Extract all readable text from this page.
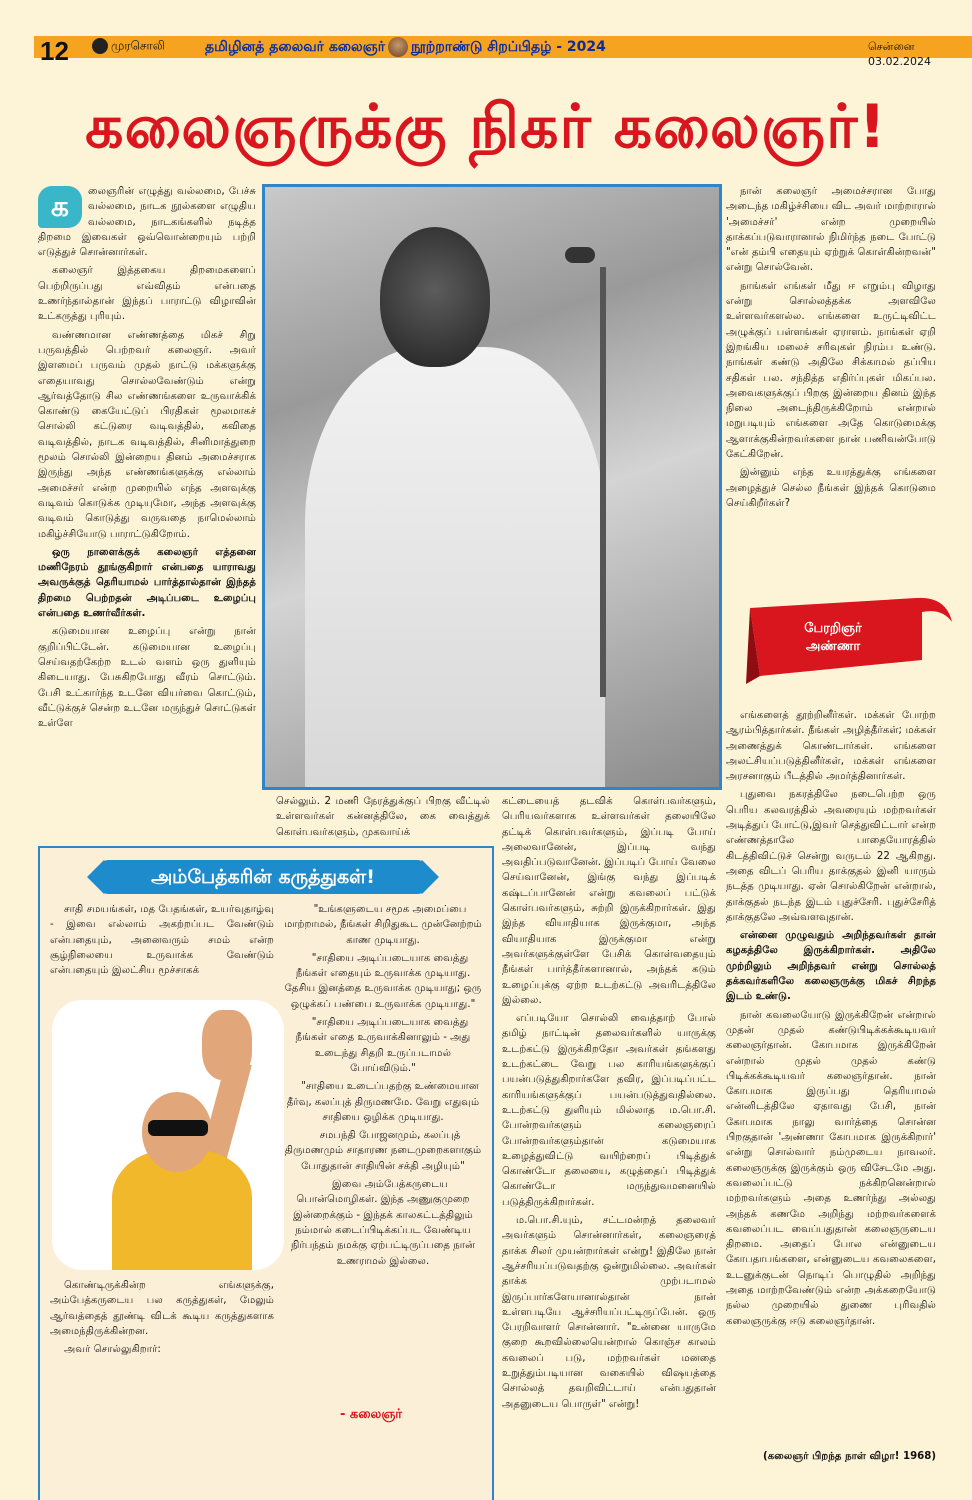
12	முரசொலி	தமிழினத் தலைவர் கலைஞர் நூற்றாண்டு சிறப்பிதழ் - 2024	சென்னை 03.02.2024
கலைஞருக்கு நிகர் கலைஞர்!
க	லைஞரின் எழுத்து வல்லமை, பேச்சு வல்லமை, நாடக நூல்களை எழுதிய வல்லமை, நாடகங்களில் நடித்த திறமை இவைகள் ஒவ்வொன்றையும் பற்றி எடுத்துச் சொன்னார்கள்.

கலைஞர் இத்தகைய திறமைகளைப் பெற்றிருப்பது எவ்விதம் என்பதை உணர்ந்தால்தான் இந்தப் பாராட்டு விழாவின் உட்கருத்து புரியும்.

வண்ணமான எண்ணத்தை மிகச் சிறு பருவத்தில் பெற்றவர் கலைஞர். அவர் இளமைப் பருவம் முதல் நாட்டு மக்களுக்கு எதையாவது சொல்லவேண்டும் என்று ஆர்வத்தோடு சில எண்ணங்களை உருவாக்கிக் கொண்டு கையேட்டுப் பிரதிகள் மூலமாகச் சொல்லி கட்டுரை வடிவத்தில், கவிதை வடிவத்தில், நாடக வடிவத்தில், சினிமாத்துறை மூலம் சொல்லி இன்றைய தினம் அமைச்சராக இருந்து அந்த எண்ணங்களுக்கு எல்லாம் அமைச்சர் என்ற முறையில் எந்த அளவுக்கு வடிவம் கொடுக்க முடியுமோ, அந்த அளவுக்கு வடிவம் கொடுத்து வருவதை நாமெல்லாம் மகிழ்ச்சியோடு பாராட்டுகிறோம்.

ஒரு நாளைக்குக் கலைஞர் எத்தனை மணிநேரம் தூங்குகிறார் என்பதை யாராவது அவருக்குத் தெரியாமல் பார்த்தால்தான் இந்தத் திறமை பெற்றதன் அடிப்படை உழைப்பு என்பதை உணர்வீர்கள்.

கடுமையான உழைப்பு என்று நான் குறிப்பிட்டேன். கடுமையான உழைப்பு செய்வதற்கேற்ற உடல் வளம் ஒரு துளியும் கிடையாது. பேசுகிறபோது வீரம் சொட்டும். பேசி உட்கார்ந்த உடனே வியர்வை கொட்டும், வீட்டுக்குச் சென்ற உடனே மருந்துச் சொட்டுகள் உள்ளே

செல்லும். 2 மணி நேரத்துக்குப் பிறகு வீட்டில் உள்ளவர்கள் கன்னத்திலே, கை வைத்துக் கொள்பவர்களும், முகவாய்க்

கட்டையைத் தடவிக் கொள்பவர்களும், பெரியவர்களாக உள்ளவர்கள் தலையிலே தட்டிக் கொள்பவர்களும், இப்படி போய் அலைவானேன், இப்படி வந்து அவதிப்படுவானேன். இப்படிப் போய் வேலை செய்வானேன், இங்கு வந்து இப்படிக் கஷ்டப்பானேன் என்று கவலைப் பட்டுக் கொள்பவர்களும், சுற்றி இருக்கிறார்கள். இது இந்த வியாதியாக இருக்குமா, அந்த வியாதியாக இருக்குமா என்று அவர்களுக்குள்ளே பேசிக் கொள்வதையும் நீங்கள் பார்த்தீர்களானால், அந்தக் கடும் உழைப்புக்கு ஏற்ற உடற்கட்டு அவரிடத்திலே இல்லை.

எப்படியோ சொல்லி வைத்தாற் போல் தமிழ் நாட்டின் தலைவர்களில் யாருக்கு உடற்கட்டு இருக்கிறதோ அவர்கள் தங்களது உடற்கட்டை வேறு பல காரியங்களுக்குப் பயன்படுத்துகிறார்களே தவிர, இப்படிப்பட்ட காரியங்களுக்குப் பயன்படுத்துவதில்லை. உடற்கட்டு துளியும் மில்லாத ம.பொ.சி. போன்றவர்களும் கலைஞரைப் போன்றவர்களும்தான் கடுமையாக உழைத்துவிட்டு வயிற்றைப் பிடித்துக் கொண்டோ தலையை, கழுத்தைப் பிடித்துக் கொண்டோ மருந்துவமனையில் படுத்திருக்கிறார்கள்.

ம.பொ.சி.யும், சட்டமன்றத் தலைவர் அவர்களும் சொன்னார்கள், கலைஞரைத் தாக்க சிலர் முயன்றார்கள் என்று! இதிலே நான் ஆச்சரியப்படுவதற்கு ஒன்றுமில்லை. அவர்கள் தாக்க முற்படாமல் இருப்பார்களேயானால்தான் நான் உள்ளபடியே ஆச்சரியப்பட்டிருப்பேன். ஒரு பேரறிவாளர் சொன்னார். "உன்னை யாருமே குறை கூறவில்லையென்றால் கொஞ்ச காலம் கவலைப் படு, மற்றவர்கள் மனதை உறுத்தும்படியான வகையில் விஷயத்தை சொல்லத் தவறிவிட்டாய் என்பதுதான் அதனுடைய பொருள்" என்று!

நான் கலைஞர் அமைச்சரான போது அடைந்த மகிழ்ச்சியை விட அவர் மாற்றாரால் 'அமைச்சர்' என்ற முறையில் தாக்கப்படுவாரானால் நிமிர்ந்த நடை போட்டு "என் தம்பி எதையும் ஏற்றுக் கொள்கின்றவன்" என்று சொல்வேன்.

நாங்கள் எங்கள் மீது ஈ எறும்பு விழாது என்று சொல்லத்தக்க அளவிலே உள்ளவர்களல்ல. எங்களை உருட்டிவிட்ட அழுக்குப் பள்ளங்கள் ஏராளம். நாங்கள் ஏறி இறங்கிய மலைச் சரிவுகள் நிரம்ப உண்டு. நாங்கள் கண்டு அதிலே சிக்காமல் தப்பிய சதிகள் பல. சந்தித்த எதிர்ப்புகள் மிகப்பல. அவைகளுக்குப் பிறகு இன்றைய தினம் இந்த நிலை அடைந்திருக்கிறோம் என்றால் மறுபடியும் எங்களை அதே கொடுமைக்கு ஆளாக்குகின்றவர்களை நான் பணிவன்போடு கேட்கிறேன்.

இன்னும் எந்த உயரத்துக்கு எங்களை அழைத்துச் செல்ல நீங்கள் இந்தக் கொடுமை செய்கிறீர்கள்?

பேரறிஞர்
அண்ணா

எங்களைத் தூற்றினீர்கள். மக்கள் போற்ற ஆரம்பித்தார்கள். நீங்கள் அழித்தீர்கள்; மக்கள் அணைத்துக் கொண்டார்கள். எங்களை அலட்சியப்படுத்தினீர்கள், மக்கள் எங்களை அரசனாகும் பீடத்தில் அமர்த்தினார்கள்.

புதுவை நகரத்திலே நடைபெற்ற ஒரு பெரிய கலவரத்தில் அவரையும் மற்றவர்கள் அடித்துப் போட்டு,இவர் செத்துவிட்டார் என்ற எண்ணத்தாலே பாதையோரத்தில் கிடத்திவிட்டுச் சென்று வருடம் 22 ஆகிறது. அதை விடப் பெரிய தாக்குதல் இனி யாரும் நடத்த முடியாது. ஏன் சொல்கிறேன் என்றால், தாக்குதல் நடந்த இடம் புதுச்சேரி. புதுச்சேரித் தாக்குதலே அவ்வளவுதான்.

என்னை முழுவதும் அறிந்தவர்கள் தான் கழகத்திலே இருக்கிறார்கள். அதிலே முற்றிலும் அறிந்தவர் என்று சொல்லத் தக்கவர்களிலே கலைஞருக்கு மிகச் சிறந்த இடம் உண்டு.

நான் கவலையோடு இருக்கிறேன் என்றால் முதன் முதல் கண்டுபிடிக்கக்கூடியவர் கலைஞர்தான். கோபமாக இருக்கிறேன் என்றால் முதல் முதல் கண்டு பிடிக்கக்கூடியவர் கலைஞர்தான். நான் கோபமாக இருப்பது தெரியாமல் என்னிடத்திலே ஏதாவது பேசி, நான் கோபமாக நாலு வார்த்தை சொன்ன பிறகுதான் 'அண்ணா கோபமாக இருக்கிறார்' என்று சொல்வார் நம்முடைய நாவலர். கலைஞருக்கு இருக்கும் ஒரு விசேடமே அது. கவலைப்பட்டு நக்கிறனென்றால் மற்றவர்களும் அதை உணர்ந்து அல்லது அந்தக் கணமே அறிந்து மற்றவர்களைக் கவலைப்பட வைப்பதுதான் கலைஞருடைய திறமை. அதைப் போல என்னுடைய கோபதாபங்களை, என்னுடைய கவலைகளை, உடனுக்குடன் நொடிப் பொழுதில் அறிந்து அதை மாற்றவேண்டும் என்ற அக்கறையோடு நல்ல முறையில் துணை புரிவதில் கலைஞருக்கு ஈடு கலைஞர்தான்.

(கலைஞர் பிறந்த நாள் விழா! 1968)
அம்பேத்கரின் கருத்துகள்!

சாதி சமயங்கள், மத பேதங்கள், உயர்வுதாழ்வு - இவை எல்லாம் அகற்றப்பட வேண்டும் என்பதையும், அனைவரும் சமம் என்ற சூழ்நிலையை உருவாக்க வேண்டும் என்பதையும் இலட்சிய மூச்சாகக்

கொண்டிருக்கின்ற எங்களுக்கு, அம்பேத்கருடைய பல கருத்துகள், மேலும் ஆர்வத்தைத் தூண்டி விடக் கூடிய கருத்துகளாக அமைந்திருக்கின்றன.

அவர் சொல்லுகிறார்:

"உங்களுடைய சமூக அமைப்பை மாற்றாமல், நீங்கள் சிறிதுகூட முன்னேற்றம் காண முடியாது.

"சாதியை அடிப்படையாக வைத்து நீங்கள் எதையும் உருவாக்க முடியாது. தேசிய இனத்தை உருவாக்க முடியாது; ஒரு ஒழுக்கப் பண்பை உருவாக்க முடியாது."

"சாதியை அடிப்படையாக வைத்து நீங்கள் எதை உருவாக்கினாலும் - அது உடைந்து சிதறி உருப்படாமல் போய்விடும்."

"சாதியை உடைப்பதற்கு உண்மையான தீர்வு, கலப்புத் திருமணமே. வேறு எதுவும் சாதியை ஒழிக்க முடியாது.

சமபந்தி போஜனமும், கலப்புத் திருமணமும் சாதாரண நடைமுறைகளாகும் போதுதான் சாதியின் சக்தி அழியும்"

இவை அம்பேத்கருடைய பொன்மொழிகள். இந்த அணுகுமுறை இன்றைக்கும் - இந்தக் காலகட்டத்திலும் நம்மால் கடைப்பிடிக்கப்பட வேண்டிய நிர்பந்தம் நமக்கு ஏற்பட்டிருப்பதை நான் உணராமல் இல்லை.

- கலைஞர்
